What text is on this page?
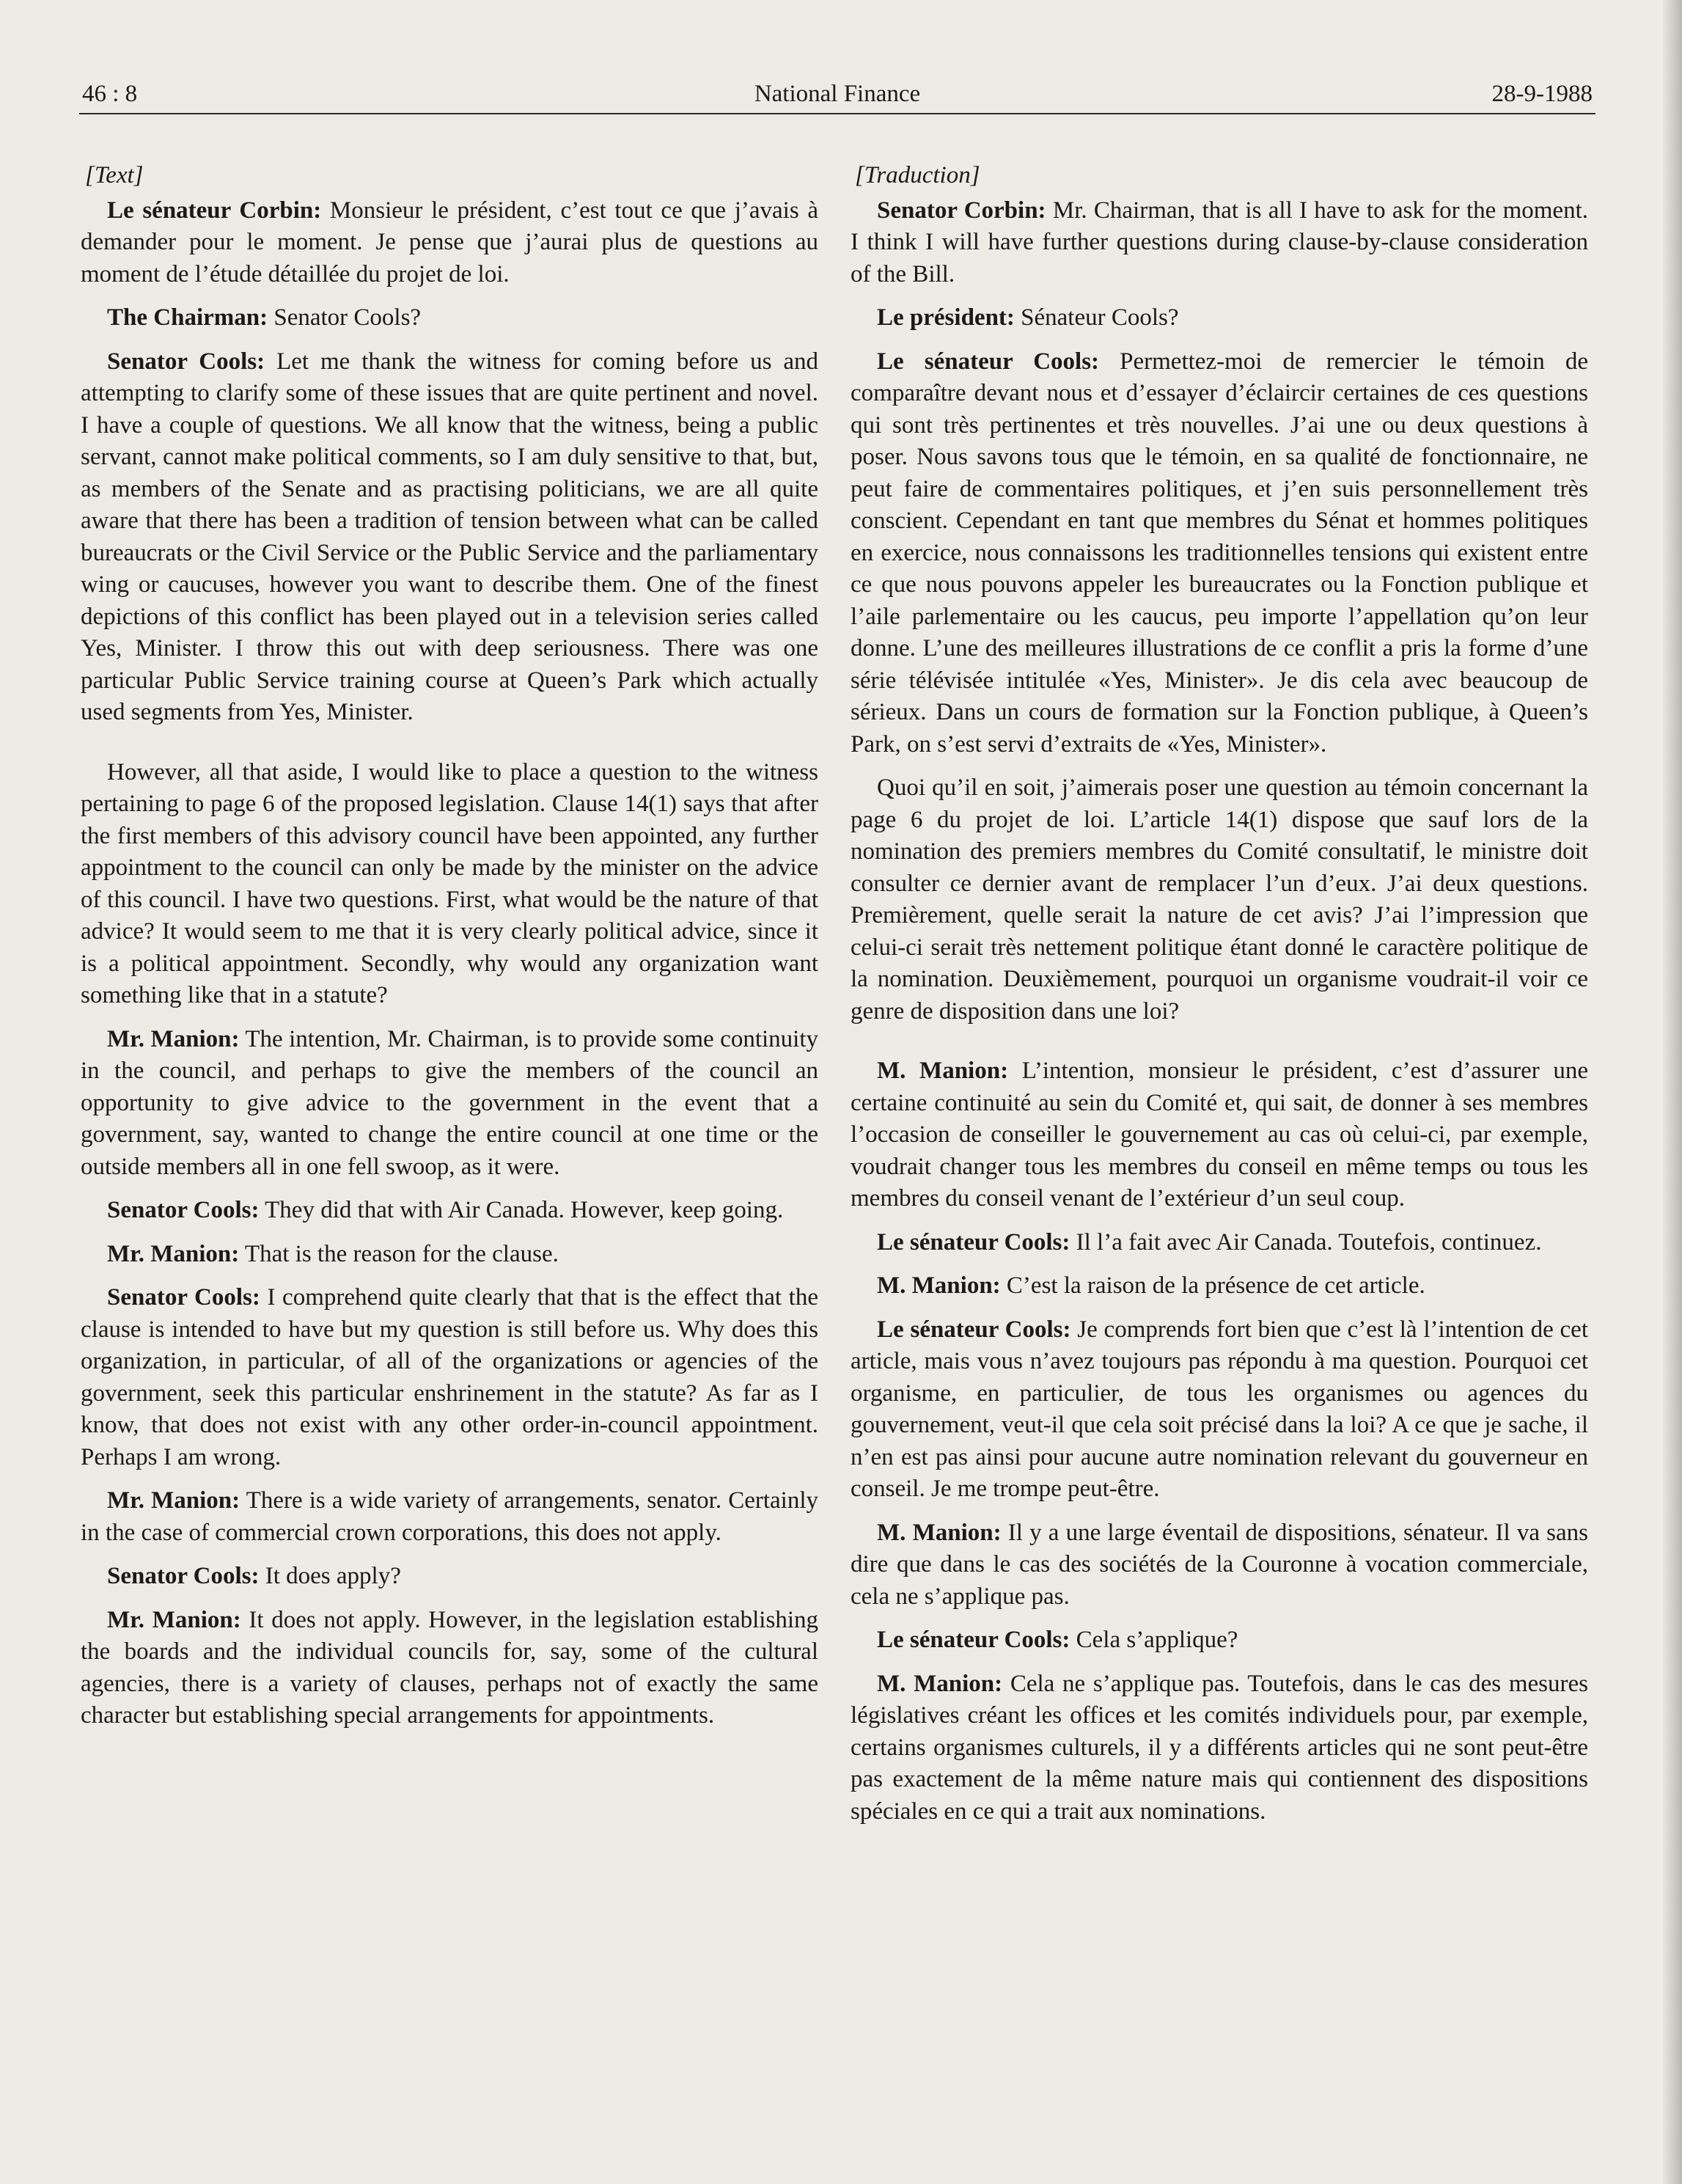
46 : 8	National Finance	28-9-1988
[Text]

Le sénateur Corbin: Monsieur le président, c’est tout ce que j’avais à demander pour le moment. Je pense que j’aurai plus de questions au moment de l’étude détaillée du projet de loi.

The Chairman: Senator Cools?

Senator Cools: Let me thank the witness for coming before us and attempting to clarify some of these issues that are quite pertinent and novel. I have a couple of questions. We all know that the witness, being a public servant, cannot make political comments, so I am duly sensitive to that, but, as members of the Senate and as practising politicians, we are all quite aware that there has been a tradition of tension between what can be called bureaucrats or the Civil Service or the Public Service and the parliamentary wing or caucuses, however you want to describe them. One of the finest depictions of this conflict has been played out in a television series called Yes, Minister. I throw this out with deep seriousness. There was one particular Public Service training course at Queen’s Park which actually used segments from Yes, Minister.

However, all that aside, I would like to place a question to the witness pertaining to page 6 of the proposed legislation. Clause 14(1) says that after the first members of this advisory council have been appointed, any further appointment to the council can only be made by the minister on the advice of this council. I have two questions. First, what would be the nature of that advice? It would seem to me that it is very clearly political advice, since it is a political appointment. Secondly, why would any organization want something like that in a statute?

Mr. Manion: The intention, Mr. Chairman, is to provide some continuity in the council, and perhaps to give the members of the council an opportunity to give advice to the government in the event that a government, say, wanted to change the entire council at one time or the outside members all in one fell swoop, as it were.

Senator Cools: They did that with Air Canada. However, keep going.

Mr. Manion: That is the reason for the clause.

Senator Cools: I comprehend quite clearly that that is the effect that the clause is intended to have but my question is still before us. Why does this organization, in particular, of all of the organizations or agencies of the government, seek this particular enshrinement in the statute? As far as I know, that does not exist with any other order-in-council appointment. Perhaps I am wrong.

Mr. Manion: There is a wide variety of arrangements, senator. Certainly in the case of commercial crown corporations, this does not apply.

Senator Cools: It does apply?

Mr. Manion: It does not apply. However, in the legislation establishing the boards and the individual councils for, say, some of the cultural agencies, there is a variety of clauses, perhaps not of exactly the same character but establishing special arrangements for appointments.

[Traduction]

Senator Corbin: Mr. Chairman, that is all I have to ask for the moment. I think I will have further questions during clause-by-clause consideration of the Bill.

Le président: Sénateur Cools?

Le sénateur Cools: Permettez-moi de remercier le témoin de comparaître devant nous et d’essayer d’éclaircir certaines de ces questions qui sont très pertinentes et très nouvelles. J’ai une ou deux questions à poser. Nous savons tous que le témoin, en sa qualité de fonctionnaire, ne peut faire de commentaires politiques, et j’en suis personnellement très conscient. Cependant en tant que membres du Sénat et hommes politiques en exercice, nous connaissons les traditionnelles tensions qui existent entre ce que nous pouvons appeler les bureaucrates ou la Fonction publique et l’aile parlementaire ou les caucus, peu importe l’appellation qu’on leur donne. L’une des meilleures illustrations de ce conflit a pris la forme d’une série télévisée intitulée «Yes, Minister». Je dis cela avec beaucoup de sérieux. Dans un cours de formation sur la Fonction publique, à Queen’s Park, on s’est servi d’extraits de «Yes, Minister».

Quoi qu’il en soit, j’aimerais poser une question au témoin concernant la page 6 du projet de loi. L’article 14(1) dispose que sauf lors de la nomination des premiers membres du Comité consultatif, le ministre doit consulter ce dernier avant de remplacer l’un d’eux. J’ai deux questions. Premièrement, quelle serait la nature de cet avis? J’ai l’impression que celui-ci serait très nettement politique étant donné le caractère politique de la nomination. Deuxièmement, pourquoi un organisme voudrait-il voir ce genre de disposition dans une loi?

M. Manion: L’intention, monsieur le président, c’est d’assurer une certaine continuité au sein du Comité et, qui sait, de donner à ses membres l’occasion de conseiller le gouvernement au cas où celui-ci, par exemple, voudrait changer tous les membres du conseil en même temps ou tous les membres du conseil venant de l’extérieur d’un seul coup.

Le sénateur Cools: Il l’a fait avec Air Canada. Toutefois, continuez.

M. Manion: C’est la raison de la présence de cet article.

Le sénateur Cools: Je comprends fort bien que c’est là l’intention de cet article, mais vous n’avez toujours pas répondu à ma question. Pourquoi cet organisme, en particulier, de tous les organismes ou agences du gouvernement, veut-il que cela soit précisé dans la loi? A ce que je sache, il n’en est pas ainsi pour aucune autre nomination relevant du gouverneur en conseil. Je me trompe peut-être.

M. Manion: Il y a une large éventail de dispositions, sénateur. Il va sans dire que dans le cas des sociétés de la Couronne à vocation commerciale, cela ne s’applique pas.

Le sénateur Cools: Cela s’applique?

M. Manion: Cela ne s’applique pas. Toutefois, dans le cas des mesures législatives créant les offices et les comités individuels pour, par exemple, certains organismes culturels, il y a différents articles qui ne sont peut-être pas exactement de la même nature mais qui contiennent des dispositions spéciales en ce qui a trait aux nominations.
